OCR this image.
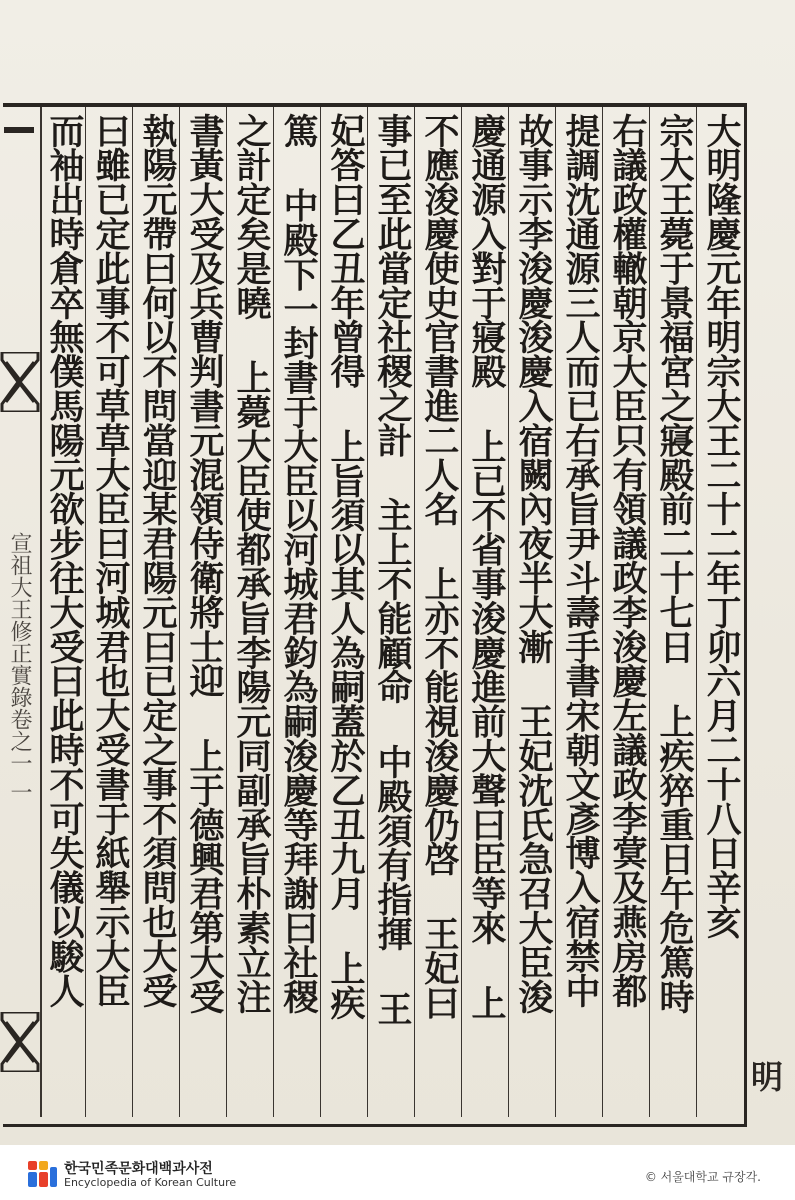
宣祖大王修正實錄卷之一 一	大明隆慶元年明宗大王二十二年丁卯六月二十八日辛亥
宗大王薨于景福宮之寢殿前二十七日 上疾猝重日午危篤時
右議政權轍朝京大臣只有領議政李浚慶左議政李蓂及燕房都
提調沈通源三人而已右承旨尹斗壽手書宋朝文彥博入宿禁中
故事示李浚慶浚慶入宿闕內夜半大漸 王妃沈氏急召大臣浚
慶通源入對于寢殿 上已不省事浚慶進前大聲曰臣等來 上
不應浚慶使史官書進二人名 上亦不能視浚慶仍啓 王妃曰
事已至此當定社稷之計 主上不能顧命 中殿須有指揮 王
妃答曰乙丑年曾得 上旨須以其人為嗣蓋於乙丑九月 上疾
篤 中殿下一封書于大臣以河城君鈞為嗣浚慶等拜謝曰社稷
之計定矣是曉 上薨大臣使都承旨李陽元同副承旨朴素立注
書黃大受及兵曹判書元混領侍衛將士迎 上于德興君第大受
執陽元帶曰何以不問當迎某君陽元曰已定之事不須問也大受
曰雖已定此事不可草草大臣曰河城君也大受書于紙舉示大臣
而袖出時倉卒無僕馬陽元欲步往大受曰此時不可失儀以駿人
明
한국민족문화대백과사전
Encyclopedia of Korean Culture	© 서울대학교 규장각.
